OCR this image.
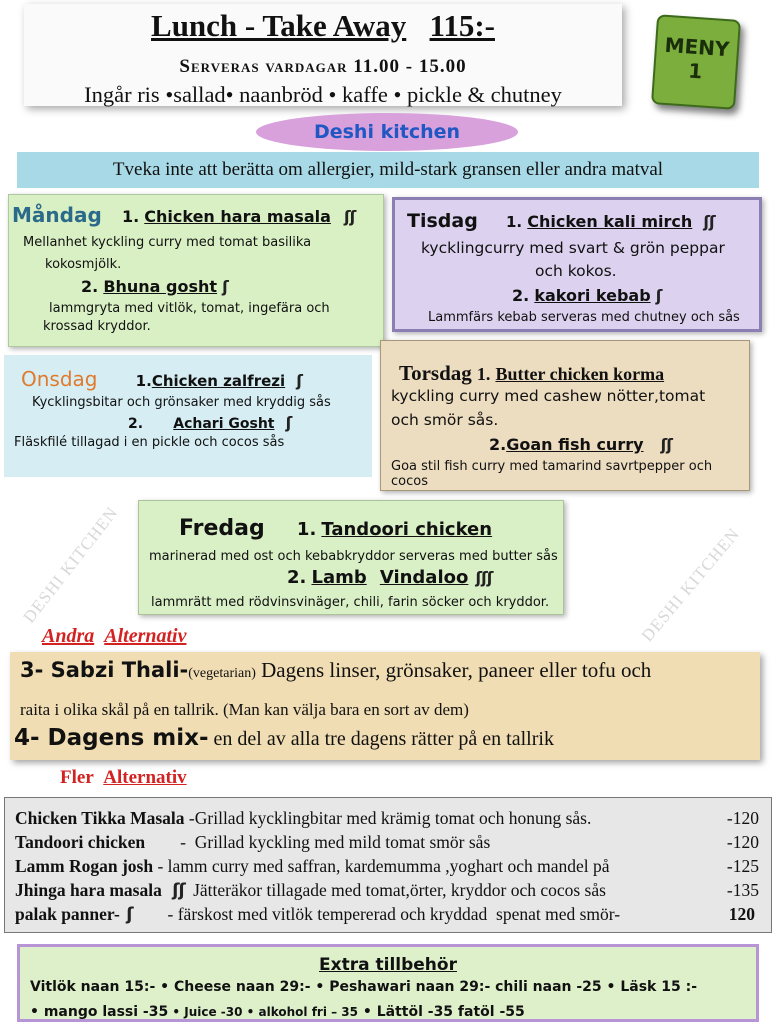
Lunch - Take Away 115:-
Serveras vardagar 11.00 - 15.00
Ingår ris •sallad• naanbröd • kaffe • pickle & chutney
MENY
1
Deshi kitchen
Tveka inte att berätta om allergier, mild-stark gransen eller andra matval
Måndag 1. Chicken hara masala ʃʃ
Mellanhet kyckling curry med tomat basilika
kokosmjölk.
2. Bhuna gosht ʃ
lammgryta med vitlök, tomat, ingefära och
krossad kryddor.
Tisdag 1. Chicken kali mirch ʃʃ
kycklingcurry med svart & grön peppar
och kokos.
2. kakori kebab ʃ
Lammfärs kebab serveras med chutney och sås
Onsdag	1.Chicken zalfrezi ʃ
Kycklingsbitar och grönsaker med kryddig sås
2. Achari Gosht ʃ
Fläskfilé tillagad i en pickle och cocos sås
Torsdag 1. Butter chicken korma
kyckling curry med cashew nötter,tomat
och smör sås.
2.Goan fish curry ʃʃ
Goa stil fish curry med tamarind savrtpepper och cocos
DESHI KITCHEN	DESHI KITCHEN
Fredag 1. Tandoori chicken
marinerad med ost och kebabkryddor serveras med butter sås
2. Lamb Vindaloo ʃʃʃ
lammrätt med rödvinsvinäger, chili, farin söcker och kryddor.
Andra Alternativ
3- Sabzi Thali-(vegetarian) Dagens linser, grönsaker, paneer eller tofu och
raita i olika skål på en tallrik. (Man kan välja bara en sort av dem)
4- Dagens mix- en del av alla tre dagens rätter på en tallrik
Fler Alternativ
Chicken Tikka Masala -Grillad kycklingbitar med krämig tomat och honung sås.	-120
Tandoori chicken        -  Grillad kyckling med mild tomat smör sås	-120
Lamm Rogan josh - lamm curry med saffran, kardemumma ,yoghart och mandel på	-125
Jhinga hara masala ʃʃ Jätteräkor tillagade med tomat,örter, kryddor och cocos sås	-135
palak panner- ʃ        - färskost med vitlök tempererad och kryddad  spenat med smör-	120
Extra tillbehör
Vitlök naan 15:- • Cheese naan 29:- • Peshawari naan 29:- chili naan -25 • Läsk 15 :-
• mango lassi -35 • Juice -30 • alkohol fri – 35 • Lättöl -35 fatöl -55
